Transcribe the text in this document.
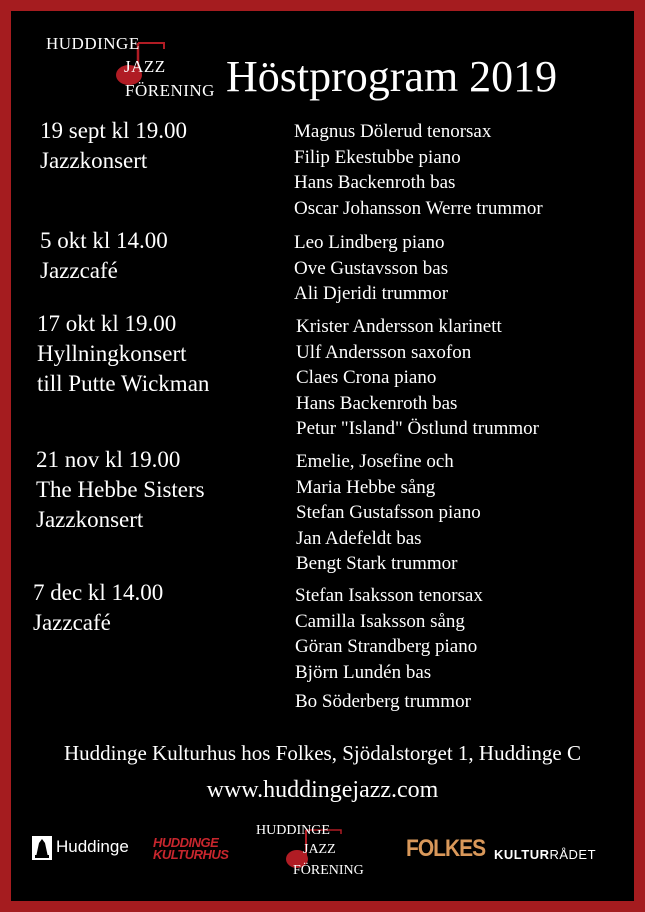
HUDDINGE
JAZZ
FÖRENING Höstprogram 2019
19 sept kl 19.00
Jazzkonsert
Magnus Dölerud tenorsax
Filip Ekestubbe piano
Hans Backenroth bas
Oscar Johansson Werre trummor
5 okt kl 14.00
Jazzcafé
Leo Lindberg piano
Ove Gustavsson bas
Ali Djeridi trummor
17 okt kl 19.00
Hyllningkonsert
till Putte Wickman
Krister Andersson klarinett
Ulf Andersson saxofon
Claes Crona piano
Hans Backenroth bas
Petur "Island" Östlund trummor
21 nov kl 19.00
The Hebbe Sisters
Jazzkonsert
Emelie, Josefine och
Maria Hebbe sång
Stefan Gustafsson piano
Jan Adefeldt bas
Bengt Stark trummor
7 dec kl 14.00
Jazzcafé
Stefan Isaksson tenorsax
Camilla Isaksson sång
Göran Strandberg piano
Björn Lundén bas
Bo Söderberg trummor
Huddinge Kulturhus hos Folkes, Sjödalstorget 1, Huddinge C
www.huddingejazz.com
Huddinge HUDDINGE
KULTURHUS
HUDDINGE
JAZZ
FÖRENING
FOLKES KULTURRÅDET
